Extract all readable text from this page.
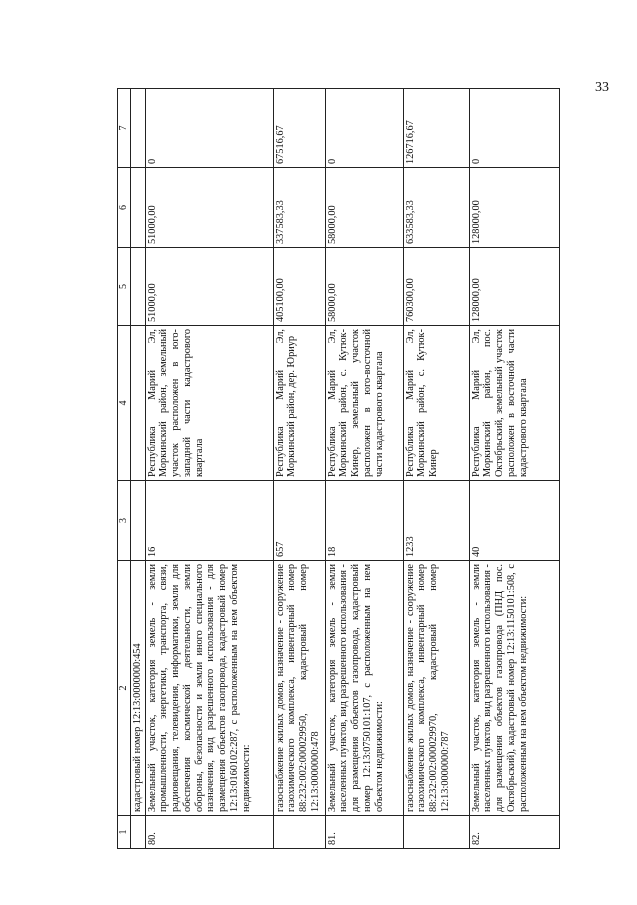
33
1	2	3	4	5	6	7
	кадастровый номер 12:13:0000000:454					
80.	Земельный участок, категория земель - земли промышленности, энергетики, транспорта, связи, радиовещания, телевидения, информатики, земли для обеспечения космической деятельности, земли обороны, безопасности и земли иного специального назначения, вид разрешенного использования - для размещения объектов газопровода, кадастровый номер 12:13:0160102:287, с расположенным на нем объектом недвижимости:	16	Республика Марий Эл, Моркинский район, земельный участок расположен в юго-западной части кадастрового квартала	51000,00	51000,00	0
	газоснабжение жилых домов, назначение - сооружение газохимического комплекса, инвентарный номер 88:232:002:000029950, кадастровый номер 12:13:0000000:478	657	Республика Марий Эл, Моркинский район, дер. Юриур	405100,00	337583,33	67516,67
81.	Земельный участок, категория земель - земли населенных пунктов, вид разрешенного использования - для размещения объектов газопровода, кадастровый номер 12:13:0750101:107, с расположенным на нем объектом недвижимости:	18	Республика Марий Эл, Моркинский район, с. Кутюк-Кинер, земельный участок расположен в юго-восточной части кадастрового квартала	58000,00	58000,00	0
	газоснабжение жилых домов, назначение - сооружение газохимического комплекса, инвентарный номер 88:232:002:000029970, кадастровый номер 12:13:0000000:787	1233	Республика Марий Эл, Моркинский район, с. Кутюк-Кинер	760300,00	633583,33	126716,67
82.	Земельный участок, категория земель - земли населенных пунктов, вид разрешенного использования - для размещения объектов газопровода (ПНД пос. Октябрьский), кадастровый номер 12:13:1150101:508, с расположенным на нем объектом недвижимости:	40	Республика Марий Эл, Моркинский район, пос. Октябрьский, земельный участок расположен в восточной части кадастрового квартала	128000,00	128000,00	0
